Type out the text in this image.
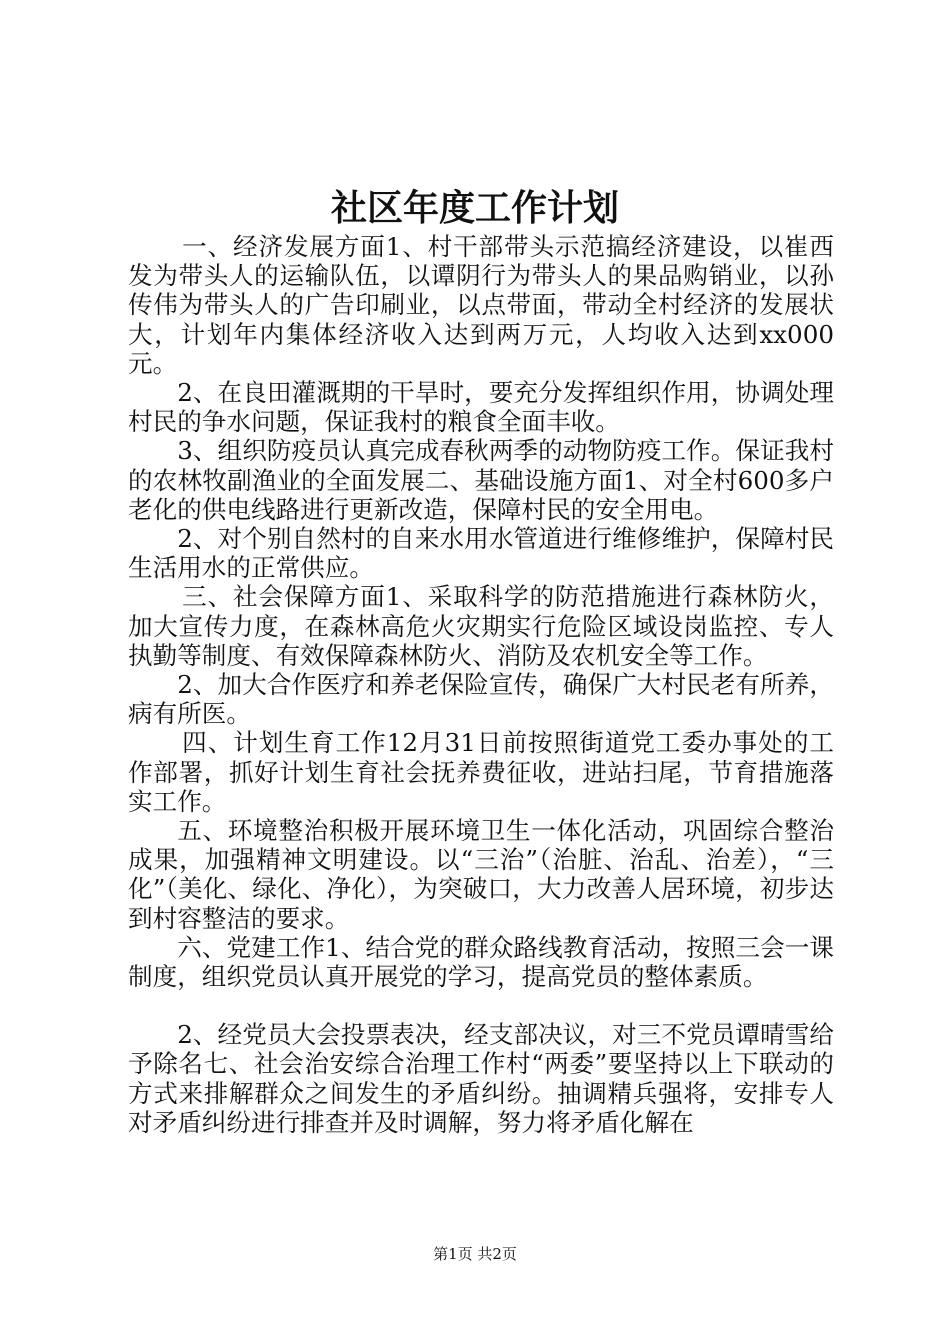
社区年度工作计划

一、经济发展方面1、村干部带头示范搞经济建设，以崔西发为带头人的运输队伍，以谭阴行为带头人的果品购销业，以孙传伟为带头人的广告印刷业，以点带面，带动全村经济的发展状大，计划年内集体经济收入达到两万元，人均收入达到xx000元。

2、在良田灌溉期的干旱时，要充分发挥组织作用，协调处理村民的争水问题，保证我村的粮食全面丰收。

3、组织防疫员认真完成春秋两季的动物防疫工作。保证我村的农林牧副渔业的全面发展二、基础设施方面1、对全村600多户老化的供电线路进行更新改造，保障村民的安全用电。

2、对个别自然村的自来水用水管道进行维修维护，保障村民生活用水的正常供应。

三、社会保障方面1、采取科学的防范措施进行森林防火，加大宣传力度，在森林高危火灾期实行危险区域设岗监控、专人执勤等制度、有效保障森林防火、消防及农机安全等工作。

2、加大合作医疗和养老保险宣传，确保广大村民老有所养，病有所医。

四、计划生育工作12月31日前按照街道党工委办事处的工作部署，抓好计划生育社会抚养费征收，进站扫尾，节育措施落实工作。

五、环境整治积极开展环境卫生一体化活动，巩固综合整治成果，加强精神文明建设。以“三治”（治脏、治乱、治差），“三化”（美化、绿化、净化），为突破口，大力改善人居环境，初步达到村容整洁的要求。

六、党建工作1、结合党的群众路线教育活动，按照三会一课制度，组织党员认真开展党的学习，提高党员的整体素质。

2、经党员大会投票表决，经支部决议，对三不党员谭晴雪给予除名七、社会治安综合治理工作村“两委”要坚持以上下联动的方式来排解群众之间发生的矛盾纠纷。抽调精兵强将，安排专人对矛盾纠纷进行排查并及时调解，努力将矛盾化解在

第1页 共2页
